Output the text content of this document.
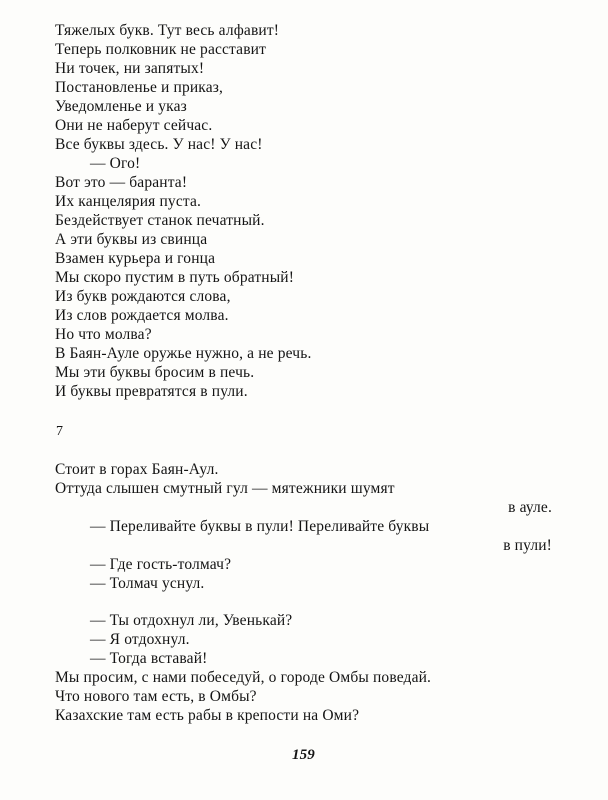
Тяжелых букв. Тут весь алфавит!
Теперь полковник не расставит
Ни точек, ни запятых!
Постановленье и приказ,
Уведомленье и указ
Они не наберут сейчас.
Все буквы здесь. У нас! У нас!
— Ого!
Вот это — баранта!
Их канцелярия пуста.
Бездействует станок печатный.
А эти буквы из свинца
Взамен курьера и гонца
Мы скоро пустим в путь обратный!
Из букв рождаются слова,
Из слов рождается молва.
Но что молва?
В Баян-Ауле оружье нужно, а не речь.
Мы эти буквы бросим в печь.
И буквы превратятся в пули.
7
Стоит в горах Баян-Аул.
Оттуда слышен смутный гул — мятежники шумят
в ауле.
— Переливайте буквы в пули! Переливайте буквы
в пули!
— Где гость-толмач?
— Толмач уснул.
— Ты отдохнул ли, Увенькай?
— Я отдохнул.
— Тогда вставай!
Мы просим, с нами побеседуй, о городе Омбы поведай.
Что нового там есть, в Омбы?
Казахские там есть рабы в крепости на Оми?
159
